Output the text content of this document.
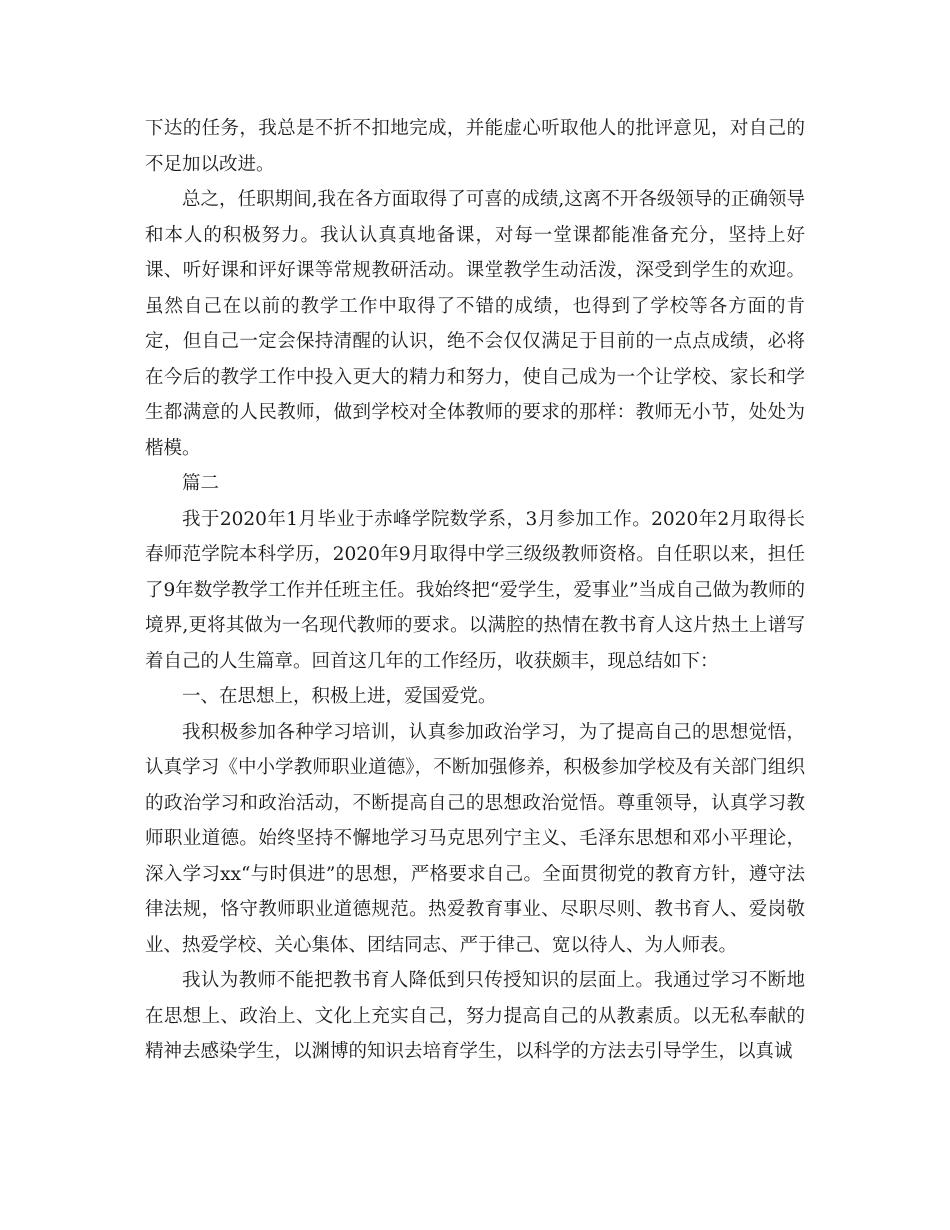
下达的任务，我总是不折不扣地完成，并能虚心听取他人的批评意见，对自己的不足加以改进。

总之，任职期间,我在各方面取得了可喜的成绩,这离不开各级领导的正确领导和本人的积极努力。我认认真真地备课，对每一堂课都能准备充分，坚持上好课、听好课和评好课等常规教研活动。课堂教学生动活泼，深受到学生的欢迎。虽然自己在以前的教学工作中取得了不错的成绩，也得到了学校等各方面的肯定，但自己一定会保持清醒的认识，绝不会仅仅满足于目前的一点点成绩，必将在今后的教学工作中投入更大的精力和努力，使自己成为一个让学校、家长和学生都满意的人民教师，做到学校对全体教师的要求的那样：教师无小节，处处为楷模。

篇二

我于2020年1月毕业于赤峰学院数学系，3月参加工作。2020年2月取得长春师范学院本科学历，2020年9月取得中学三级级教师资格。自任职以来，担任了9年数学教学工作并任班主任。我始终把“爱学生，爱事业”当成自己做为教师的境界,更将其做为一名现代教师的要求。以满腔的热情在教书育人这片热土上谱写着自己的人生篇章。回首这几年的工作经历，收获颇丰，现总结如下：

一、在思想上，积极上进，爱国爱党。

我积极参加各种学习培训，认真参加政治学习，为了提高自己的思想觉悟，认真学习《中小学教师职业道德》，不断加强修养，积极参加学校及有关部门组织的政治学习和政治活动，不断提高自己的思想政治觉悟。尊重领导，认真学习教师职业道德。始终坚持不懈地学习马克思列宁主义、毛泽东思想和邓小平理论，深入学习xx“与时俱进”的思想，严格要求自己。全面贯彻党的教育方针，遵守法律法规，恪守教师职业道德规范。热爱教育事业、尽职尽则、教书育人、爱岗敬业、热爱学校、关心集体、团结同志、严于律己、宽以待人、为人师表。

我认为教师不能把教书育人降低到只传授知识的层面上。我通过学习不断地在思想上、政治上、文化上充实自己，努力提高自己的从教素质。以无私奉献的精神去感染学生，以渊博的知识去培育学生，以科学的方法去引导学生，以真诚
